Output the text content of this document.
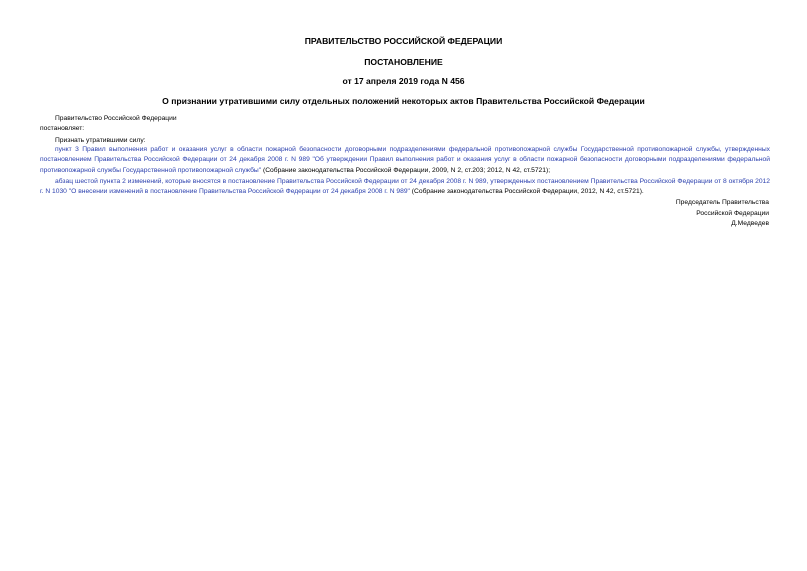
ПРАВИТЕЛЬСТВО РОССИЙСКОЙ ФЕДЕРАЦИИ
ПОСТАНОВЛЕНИЕ
от 17 апреля 2019 года N 456
О признании утратившими силу отдельных положений некоторых актов Правительства Российской Федерации
Правительство Российской Федерации
постановляет:
Признать утратившими силу:
пункт 3 Правил выполнения работ и оказания услуг в области пожарной безопасности договорными подразделениями федеральной противопожарной службы Государственной противопожарной службы, утвержденных постановлением Правительства Российской Федерации от 24 декабря 2008 г. N 989 "Об утверждении Правил выполнения работ и оказания услуг в области пожарной безопасности договорными подразделениями федеральной противопожарной службы Государственной противопожарной службы" (Собрание законодательства Российской Федерации, 2009, N 2, ст.203; 2012, N 42, ст.5721);
абзац шестой пункта 2 изменений, которые вносятся в постановление Правительства Российской Федерации от 24 декабря 2008 г. N 989, утвержденных постановлением Правительства Российской Федерации от 8 октября 2012 г. N 1030 "О внесении изменений в постановление Правительства Российской Федерации от 24 декабря 2008 г. N 989" (Собрание законодательства Российской Федерации, 2012, N 42, ст.5721).
Председатель Правительства
Российской Федерации
Д.Медведев
